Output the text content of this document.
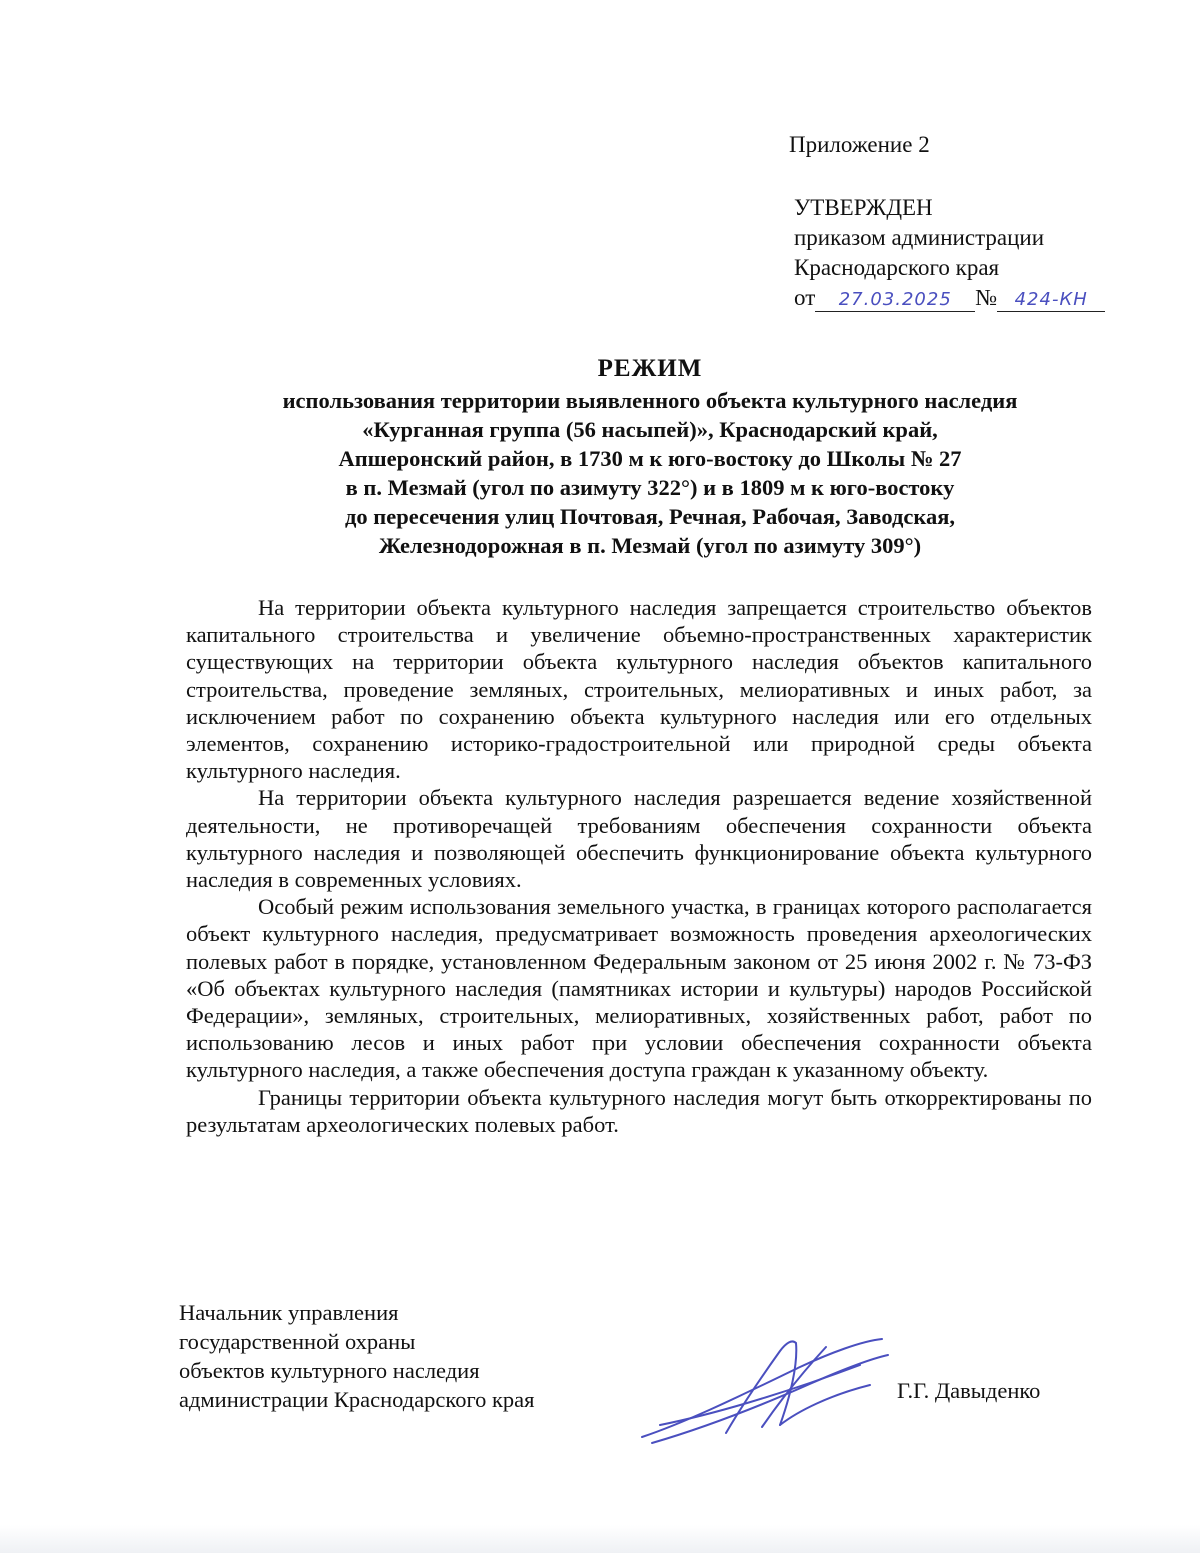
Приложение 2
УТВЕРЖДЕН
приказом администрации
Краснодарского края
от 27.03.2025 № 424-КН
РЕЖИМ
использования территории выявленного объекта культурного наследия
«Курганная группа (56 насыпей)», Краснодарский край,
Апшеронский район, в 1730 м к юго-востоку до Школы № 27
в п. Мезмай (угол по азимуту 322°) и в 1809 м к юго-востоку
до пересечения улиц Почтовая, Речная, Рабочая, Заводская,
Железнодорожная в п. Мезмай (угол по азимуту 309°)

На территории объекта культурного наследия запрещается строительство объектов капитального строительства и увеличение объемно-пространственных характеристик существующих на территории объекта культурного наследия объектов капитального строительства, проведение земляных, строительных, мелиоративных и иных работ, за исключением работ по сохранению объекта культурного наследия или его отдельных элементов, сохранению историко-градостроительной или природной среды объекта культурного наследия.

На территории объекта культурного наследия разрешается ведение хозяйственной деятельности, не противоречащей требованиям обеспечения сохранности объекта культурного наследия и позволяющей обеспечить функционирование объекта культурного наследия в современных условиях.

Особый режим использования земельного участка, в границах которого располагается объект культурного наследия, предусматривает возможность проведения археологических полевых работ в порядке, установленном Федеральным законом от 25 июня 2002 г. № 73-ФЗ «Об объектах культурного наследия (памятниках истории и культуры) народов Российской Федерации», земляных, строительных, мелиоративных, хозяйственных работ, работ по использованию лесов и иных работ при условии обеспечения сохранности объекта культурного наследия, а также обеспечения доступа граждан к указанному объекту.

Границы территории объекта культурного наследия могут быть откорректированы по результатам археологических полевых работ.

Начальник управления
государственной охраны
объектов культурного наследия
администрации Краснодарского края	Г.Г. Давыденко
